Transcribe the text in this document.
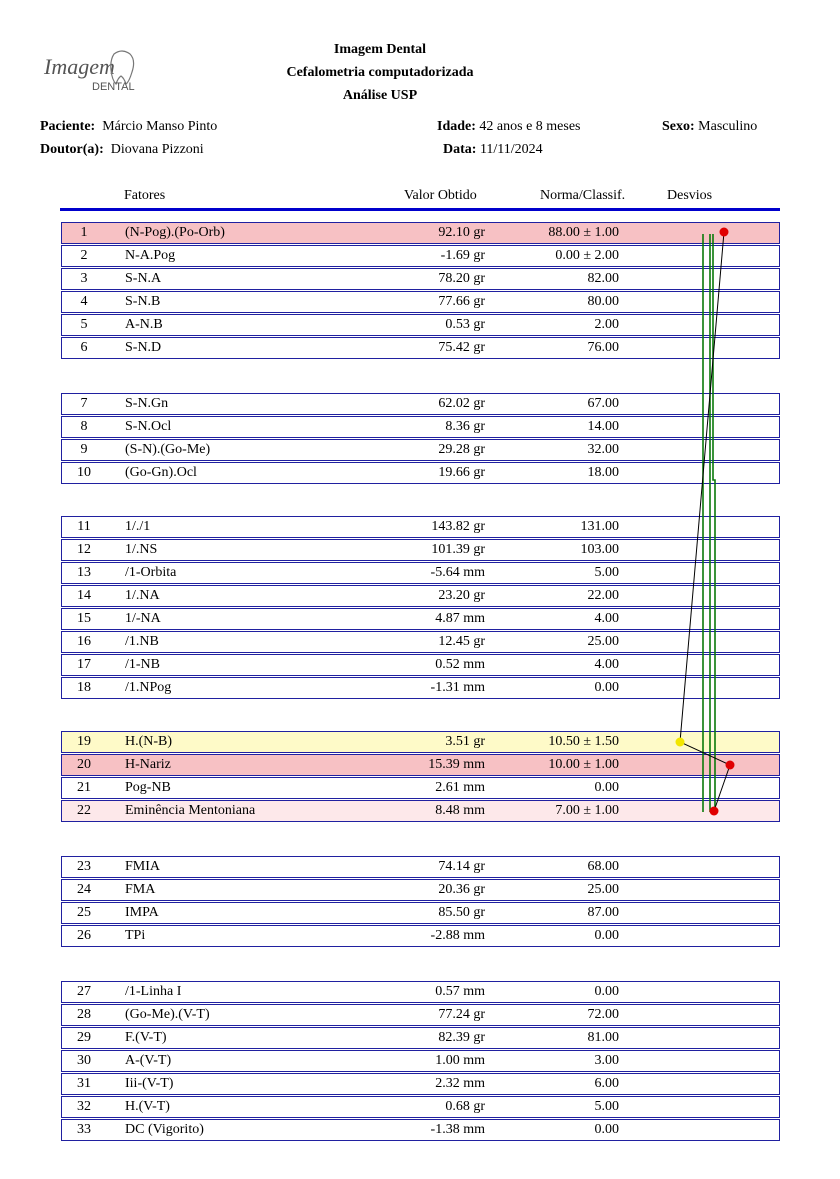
Imagem
DENTAL
Imagem Dental
Cefalometria computadorizada
Análise USP
Paciente: Márcio Manso Pinto	Idade: 42 anos e 8 meses	Sexo: Masculino
Doutor(a): Diovana Pizzoni	Data: 11/11/2024
Fatores	Valor Obtido	Norma/Classif.	Desvios
1	(N-Pog).(Po-Orb)	92.10 gr	88.00 ± 1.00
2	N-A.Pog	-1.69 gr	0.00 ± 2.00
3	S-N.A	78.20 gr	82.00
4	S-N.B	77.66 gr	80.00
5	A-N.B	0.53 gr	2.00
6	S-N.D	75.42 gr	76.00
7	S-N.Gn	62.02 gr	67.00
8	S-N.Ocl	8.36 gr	14.00
9	(S-N).(Go-Me)	29.28 gr	32.00
10	(Go-Gn).Ocl	19.66 gr	18.00
11	1/./1	143.82 gr	131.00
12	1/.NS	101.39 gr	103.00
13	/1-Orbita	-5.64 mm	5.00
14	1/.NA	23.20 gr	22.00
15	1/-NA	4.87 mm	4.00
16	/1.NB	12.45 gr	25.00
17	/1-NB	0.52 mm	4.00
18	/1.NPog	-1.31 mm	0.00
19	H.(N-B)	3.51 gr	10.50 ± 1.50
20	H-Nariz	15.39 mm	10.00 ± 1.00
21	Pog-NB	2.61 mm	0.00
22	Eminência Mentoniana	8.48 mm	7.00 ± 1.00
23	FMIA	74.14 gr	68.00
24	FMA	20.36 gr	25.00
25	IMPA	85.50 gr	87.00
26	TPi	-2.88 mm	0.00
27	/1-Linha I	0.57 mm	0.00
28	(Go-Me).(V-T)	77.24 gr	72.00
29	F.(V-T)	82.39 gr	81.00
30	A-(V-T)	1.00 mm	3.00
31	Iii-(V-T)	2.32 mm	6.00
32	H.(V-T)	0.68 gr	5.00
33	DC (Vigorito)	-1.38 mm	0.00
